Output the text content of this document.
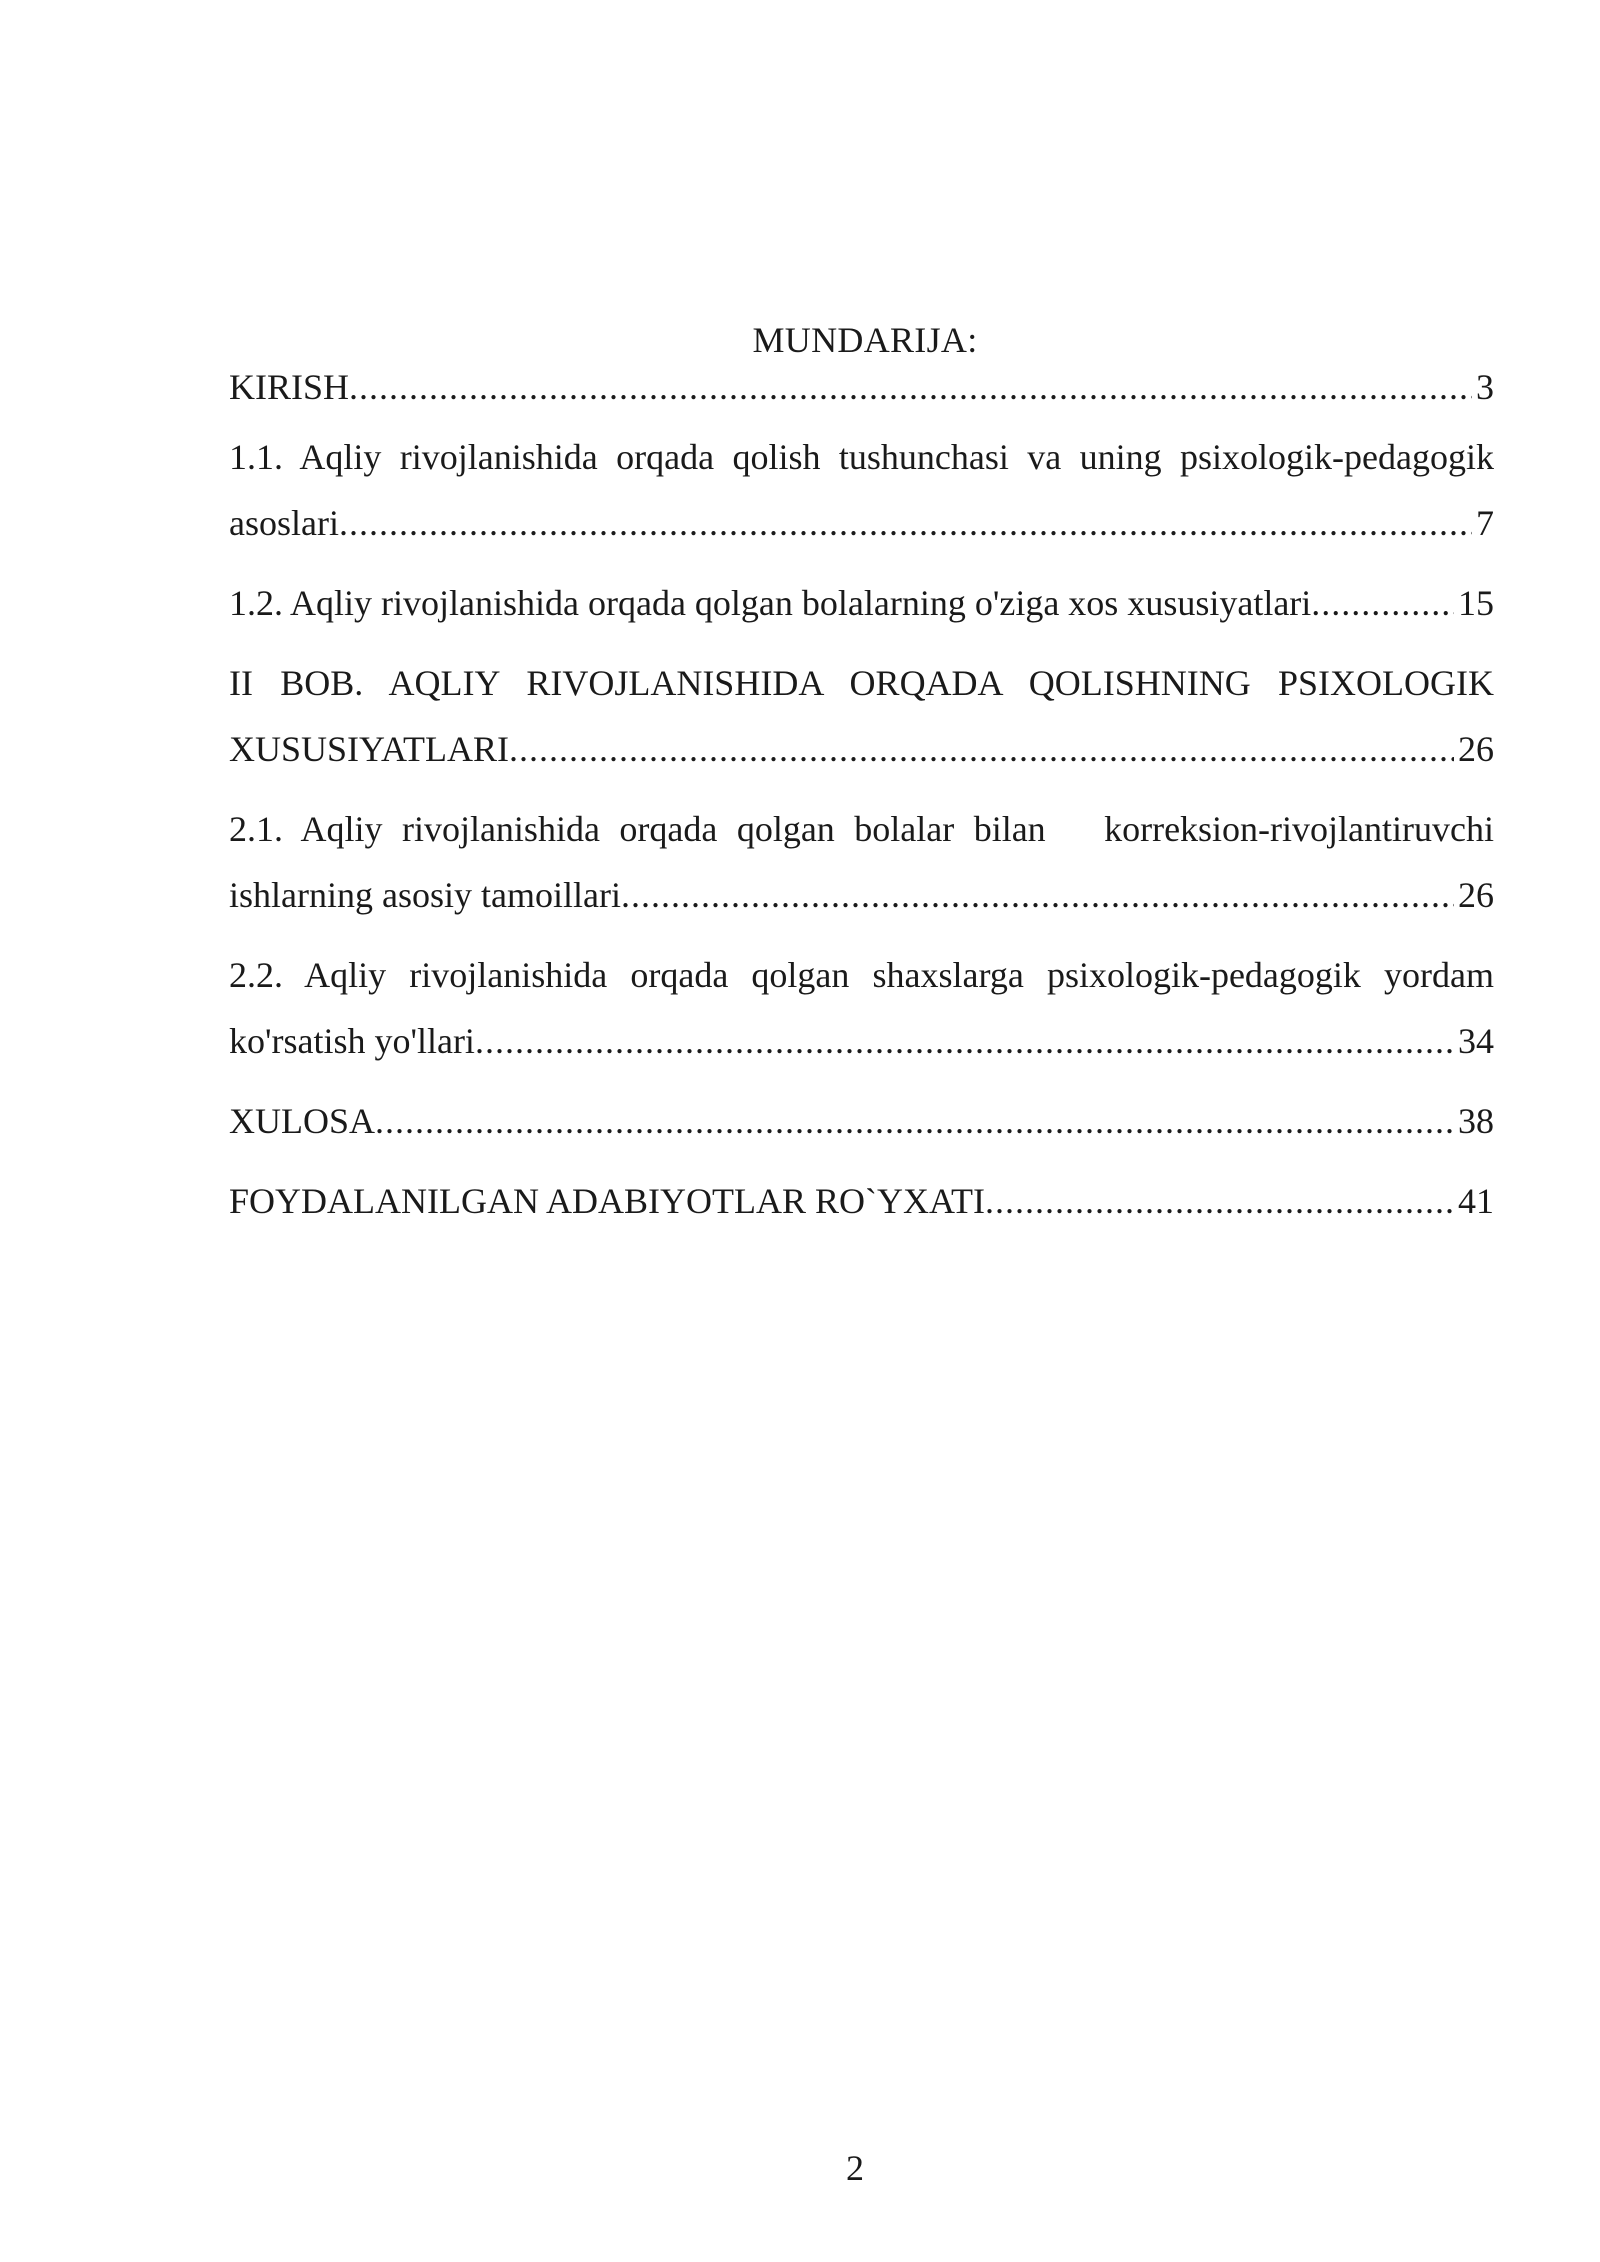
MUNDARIJA:
KIRISH .....	3
1.1. Aqliy rivojlanishida orqada qolish tushunchasi va uning psixologik-pedagogik
asoslari .....	7
1.2. Aqliy rivojlanishida orqada qolgan bolalarning o'ziga xos xususiyatlari .....	15
II BOB. AQLIY RIVOJLANISHIDA ORQADA QOLISHNING PSIXOLOGIK
XUSUSIYATLARI .....	26
2.1. Aqliy rivojlanishida orqada qolgan bolalar bilan   korreksion-rivojlantiruvchi
ishlarning asosiy tamoillari .....	26
2.2. Aqliy rivojlanishida orqada qolgan shaxslarga psixologik-pedagogik yordam
ko'rsatish yo'llari .....	34
XULOSA .....	38
FOYDALANILGAN ADABIYOTLAR RO`YXATI .....	41
2
